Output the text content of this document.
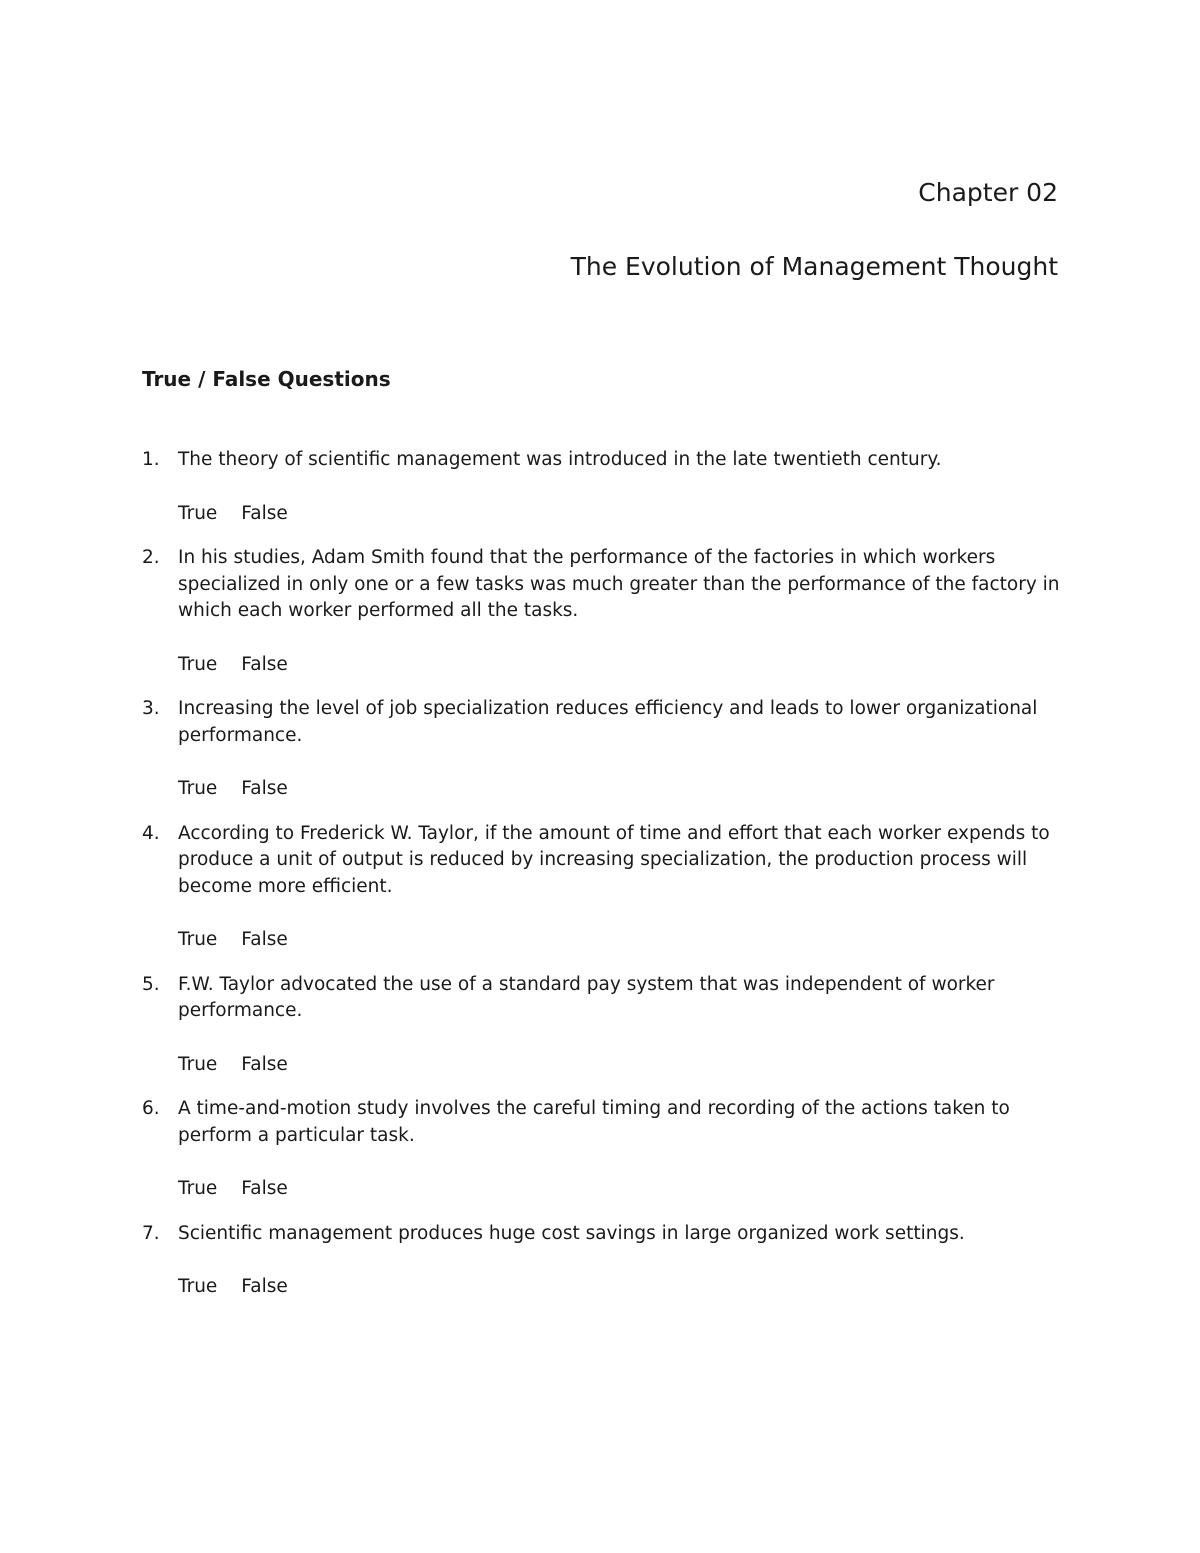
Chapter 02
The Evolution of Management Thought
True / False Questions
1. The theory of scientific management was introduced in the late twentieth century.
True False
2. In his studies, Adam Smith found that the performance of the factories in which workers specialized in only one or a few tasks was much greater than the performance of the factory in which each worker performed all the tasks.
True False
3. Increasing the level of job specialization reduces efficiency and leads to lower organizational performance.
True False
4. According to Frederick W. Taylor, if the amount of time and effort that each worker expends to produce a unit of output is reduced by increasing specialization, the production process will become more efficient.
True False
5. F.W. Taylor advocated the use of a standard pay system that was independent of worker performance.
True False
6. A time-and-motion study involves the careful timing and recording of the actions taken to perform a particular task.
True False
7. Scientific management produces huge cost savings in large organized work settings.
True False
